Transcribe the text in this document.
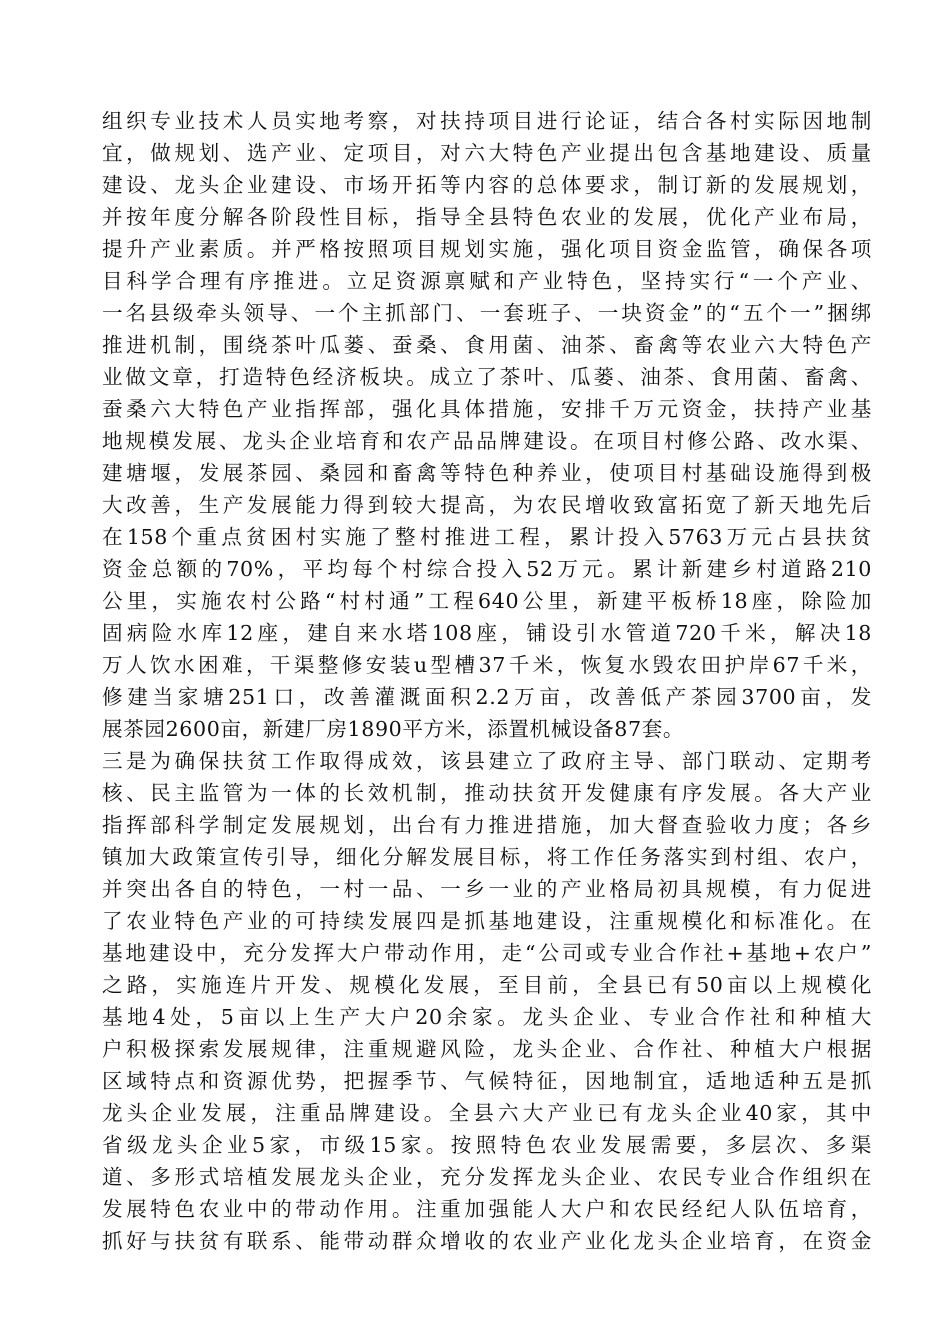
组织专业技术人员实地考察，对扶持项目进行论证，结合各村实际因地制
宜，做规划、选产业、定项目，对六大特色产业提出包含基地建设、质量
建设、龙头企业建设、市场开拓等内容的总体要求，制订新的发展规划，
并按年度分解各阶段性目标，指导全县特色农业的发展，优化产业布局，
提升产业素质。并严格按照项目规划实施，强化项目资金监管，确保各项
目科学合理有序推进。立足资源禀赋和产业特色，坚持实行“一个产业、
一名县级牵头领导、一个主抓部门、一套班子、一块资金”的“五个一”捆绑
推进机制，围绕茶叶瓜蒌、蚕桑、食用菌、油茶、畜禽等农业六大特色产
业做文章，打造特色经济板块。成立了茶叶、瓜蒌、油茶、食用菌、畜禽、
蚕桑六大特色产业指挥部，强化具体措施，安排千万元资金，扶持产业基
地规模发展、龙头企业培育和农产品品牌建设。在项目村修公路、改水渠、
建塘堰，发展茶园、桑园和畜禽等特色种养业，使项目村基础设施得到极
大改善，生产发展能力得到较大提高，为农民增收致富拓宽了新天地先后
在158个重点贫困村实施了整村推进工程，累计投入5763万元占县扶贫
资金总额的70%，平均每个村综合投入52万元。累计新建乡村道路210
公里，实施农村公路“村村通”工程640公里，新建平板桥18座，除险加
固病险水库12座，建自来水塔108座，铺设引水管道720千米，解决18
万人饮水困难，干渠整修安装u型槽37千米，恢复水毁农田护岸67千米，
修建当家塘251口，改善灌溉面积2.2万亩，改善低产茶园3700亩，发
展茶园2600亩，新建厂房1890平方米，添置机械设备87套。
三是为确保扶贫工作取得成效，该县建立了政府主导、部门联动、定期考
核、民主监管为一体的长效机制，推动扶贫开发健康有序发展。各大产业
指挥部科学制定发展规划，出台有力推进措施，加大督查验收力度；各乡
镇加大政策宣传引导，细化分解发展目标，将工作任务落实到村组、农户，
并突出各自的特色，一村一品、一乡一业的产业格局初具规模，有力促进
了农业特色产业的可持续发展四是抓基地建设，注重规模化和标准化。在
基地建设中，充分发挥大户带动作用，走“公司或专业合作社+基地+农户”
之路，实施连片开发、规模化发展，至目前，全县已有50亩以上规模化
基地4处，5亩以上生产大户20余家。龙头企业、专业合作社和种植大
户积极探索发展规律，注重规避风险，龙头企业、合作社、种植大户根据
区域特点和资源优势，把握季节、气候特征，因地制宜，适地适种五是抓
龙头企业发展，注重品牌建设。全县六大产业已有龙头企业40家，其中
省级龙头企业5家，市级15家。按照特色农业发展需要，多层次、多渠
道、多形式培植发展龙头企业，充分发挥龙头企业、农民专业合作组织在
发展特色农业中的带动作用。注重加强能人大户和农民经纪人队伍培育，
抓好与扶贫有联系、能带动群众增收的农业产业化龙头企业培育，在资金
